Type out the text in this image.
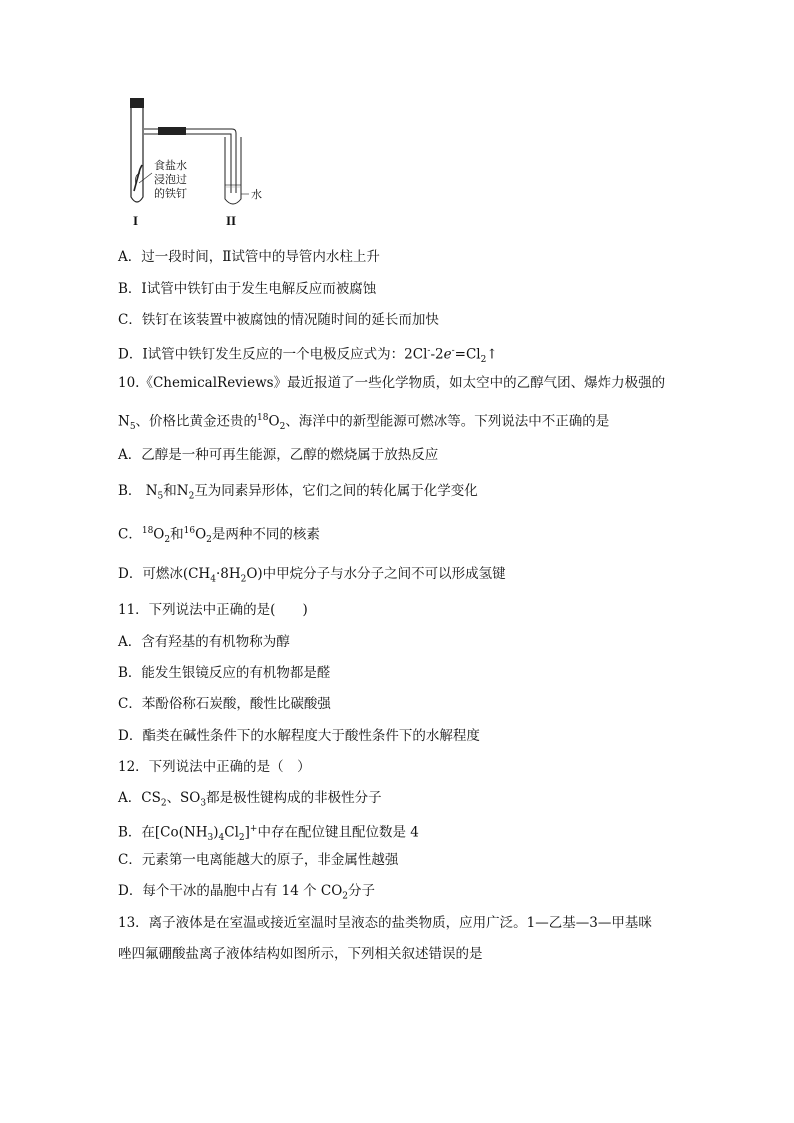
食盐水
浸泡过
的铁钉	水
I	II
A．过一段时间，Ⅱ试管中的导管内水柱上升
B．Ⅰ试管中铁钉由于发生电解反应而被腐蚀
C．铁钉在该装置中被腐蚀的情况随时间的延长而加快
D．Ⅰ试管中铁钉发生反应的一个电极反应式为：$2Cl^--2e^-=Cl_2↑$
10.《ChemicalReviews》最近报道了一些化学物质，如太空中的乙醇气团、爆炸力极强的
$N_5$、价格比黄金还贵的$^{18}O_2$、海洋中的新型能源可燃冰等。下列说法中不正确的是
A．乙醇是一种可再生能源，乙醇的燃烧属于放热反应
B． $N_5$和$N_2$互为同素异形体，它们之间的转化属于化学变化
C．$^{18}O_2$和$^{16}O_2$是两种不同的核素
D．可燃冰$(CH_4\cdot 8H_2O)$中甲烷分子与水分子之间不可以形成氢键
11．下列说法中正确的是(　　)
A．含有羟基的有机物称为醇
B．能发生银镜反应的有机物都是醛
C．苯酚俗称石炭酸，酸性比碳酸强
D．酯类在碱性条件下的水解程度大于酸性条件下的水解程度
12．下列说法中正确的是（　）
A．$CS_2$、$SO_3$都是极性键构成的非极性分子
B．在$[Co(NH_3)_4Cl_2]^+$中存在配位键且配位数是 4
C．元素第一电离能越大的原子，非金属性越强
D．每个干冰的晶胞中占有 14 个 $CO_2$分子
13．离子液体是在室温或接近室温时呈液态的盐类物质，应用广泛。1—乙基—3—甲基咪
唑四氟硼酸盐离子液体结构如图所示，下列相关叙述错误的是
